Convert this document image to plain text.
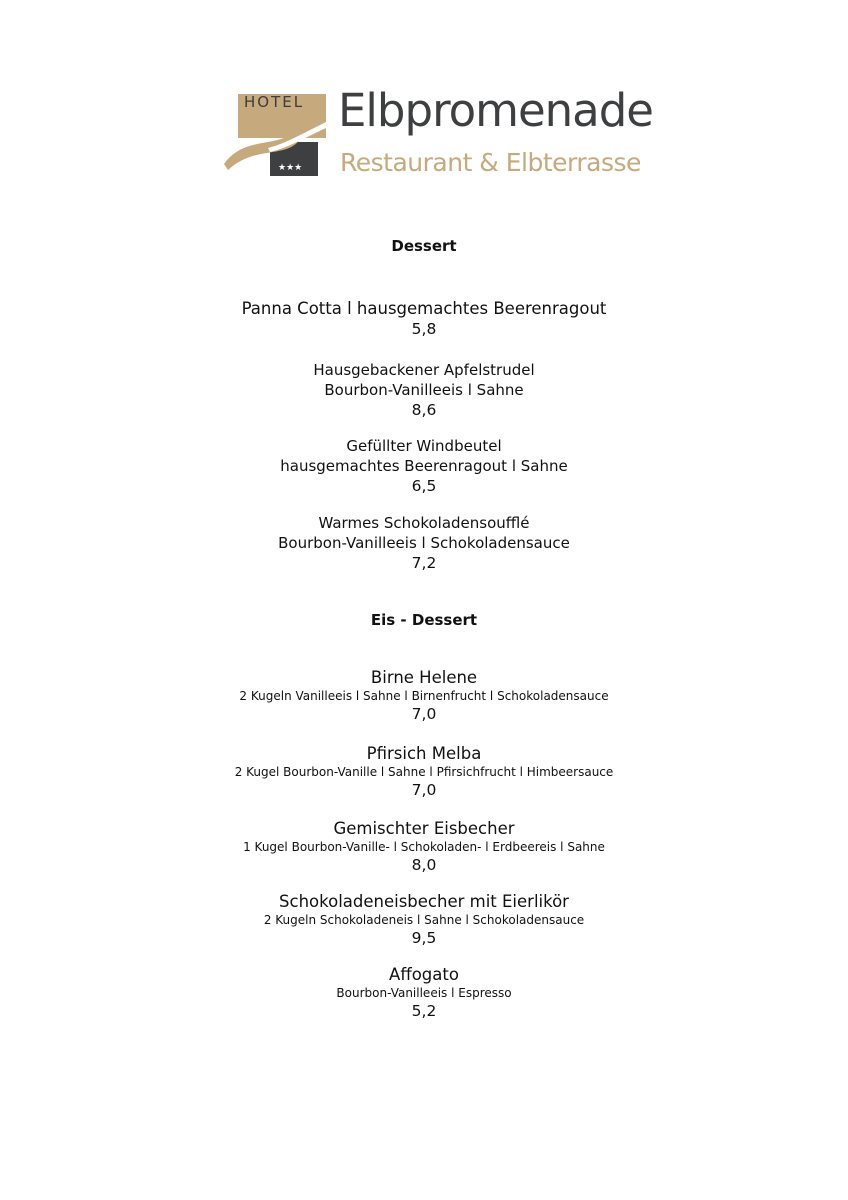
★★★
HOTEL Elbpromenade
Restaurant & Elbterrasse
Dessert
Panna Cotta l hausgemachtes Beerenragout
5,8
Hausgebackener Apfelstrudel
Bourbon-Vanilleeis l Sahne
8,6
Gefüllter Windbeutel
hausgemachtes Beerenragout l Sahne
6,5
Warmes Schokoladensoufflé
Bourbon-Vanilleeis l Schokoladensauce
7,2
Eis - Dessert
Birne Helene
2 Kugeln Vanilleeis l Sahne l Birnenfrucht l Schokoladensauce
7,0
Pfirsich Melba
2 Kugel Bourbon-Vanille l Sahne l Pfirsichfrucht l Himbeersauce
7,0
Gemischter Eisbecher
1 Kugel Bourbon-Vanille- l Schokoladen- l Erdbeereis l Sahne
8,0
Schokoladeneisbecher mit Eierlikör
2 Kugeln Schokoladeneis l Sahne l Schokoladensauce
9,5
Affogato
Bourbon-Vanilleeis l Espresso
5,2
